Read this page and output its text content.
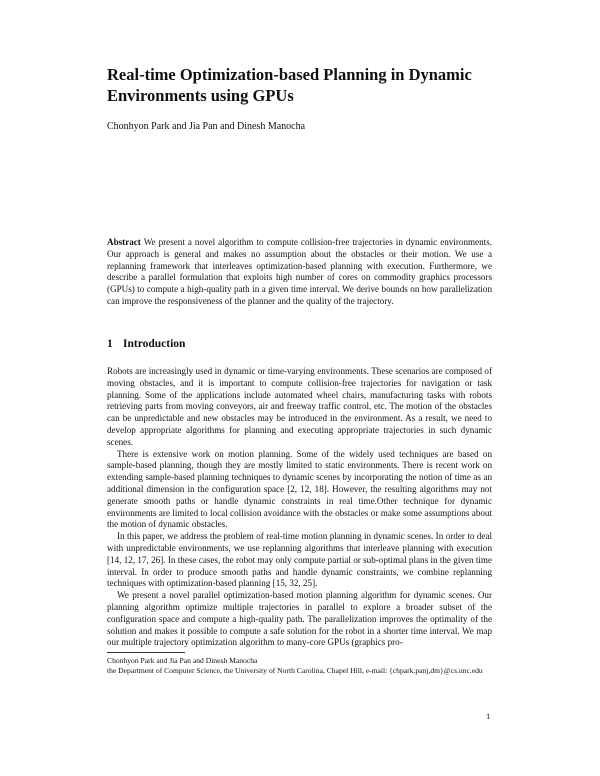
Real-time Optimization-based Planning in Dynamic Environments using GPUs

Chonhyon Park and Jia Pan and Dinesh Manocha

Abstract We present a novel algorithm to compute collision-free trajectories in dynamic environments. Our approach is general and makes no assumption about the obstacles or their motion. We use a replanning framework that interleaves optimization-based planning with execution. Furthermore, we describe a parallel formulation that exploits high number of cores on commodity graphics processors (GPUs) to compute a high-quality path in a given time interval. We derive bounds on how parallelization can improve the responsiveness of the planner and the quality of the trajectory.

1 Introduction

Robots are increasingly used in dynamic or time-varying environments. These scenarios are composed of moving obstacles, and it is important to compute collision-free trajectories for navigation or task planning. Some of the applications include automated wheel chairs, manufacturing tasks with robots retrieving parts from moving conveyors, air and freeway traffic control, etc. The motion of the obstacles can be unpredictable and new obstacles may be introduced in the environment. As a result, we need to develop appropriate algorithms for planning and executing appropriate trajectories in such dynamic scenes.

There is extensive work on motion planning. Some of the widely used techniques are based on sample-based planning, though they are mostly limited to static environments. There is recent work on extending sample-based planning techniques to dynamic scenes by incorporating the notion of time as an additional dimension in the configuration space [2, 12, 18]. However, the resulting algorithms may not generate smooth paths or handle dynamic constraints in real time.Other technique for dynamic environments are limited to local collision avoidance with the obstacles or make some assumptions about the motion of dynamic obstacles.

In this paper, we address the problem of real-time motion planning in dynamic scenes. In order to deal with unpredictable environments, we use replanning algorithms that interleave planning with execution [14, 12, 17, 26]. In these cases, the robot may only compute partial or sub-optimal plans in the given time interval. In order to produce smooth paths and handle dynamic constraints, we combine replanning techniques with optimization-based planning [15, 32, 25].

We present a novel parallel optimization-based motion planning algorithm for dynamic scenes. Our planning algorithm optimize multiple trajectories in parallel to explore a broader subset of the configuration space and compute a high-quality path. The parallelization improves the optimality of the solution and makes it possible to compute a safe solution for the robot in a shorter time interval. We map our multiple trajectory optimization algorithm to many-core GPUs (graphics pro-

Chonhyon Park and Jia Pan and Dinesh Manocha

the Department of Computer Science, the University of North Carolina, Chapel Hill, e-mail: {chpark,panj,dm}@cs.unc.edu

1
